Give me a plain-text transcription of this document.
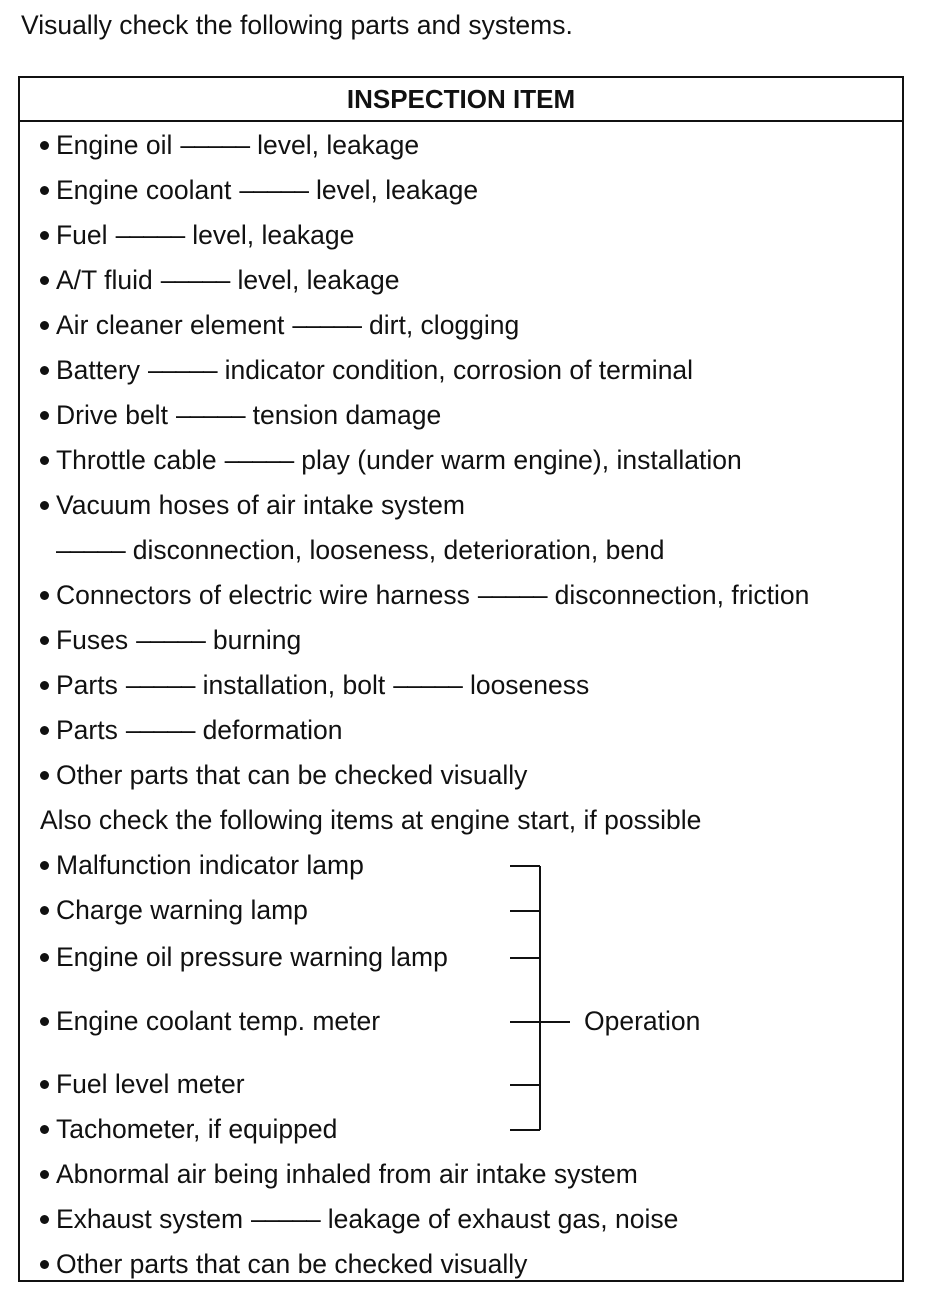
Visually check the following parts and systems.
INSPECTION ITEM
Engine oil ––––– level, leakage
Engine coolant ––––– level, leakage
Fuel ––––– level, leakage
A/T fluid ––––– level, leakage
Air cleaner element ––––– dirt, clogging
Battery ––––– indicator condition, corrosion of terminal
Drive belt ––––– tension damage
Throttle cable ––––– play (under warm engine), installation
Vacuum hoses of air intake system
––––– disconnection, looseness, deterioration, bend
Connectors of electric wire harness ––––– disconnection, friction
Fuses ––––– burning
Parts ––––– installation, bolt ––––– looseness
Parts ––––– deformation
Other parts that can be checked visually
Also check the following items at engine start, if possible
Malfunction indicator lamp
Charge warning lamp
Engine oil pressure warning lamp
Engine coolant temp. meter
Fuel level meter
Tachometer, if equipped
Operation
Abnormal air being inhaled from air intake system
Exhaust system ––––– leakage of exhaust gas, noise
Other parts that can be checked visually
